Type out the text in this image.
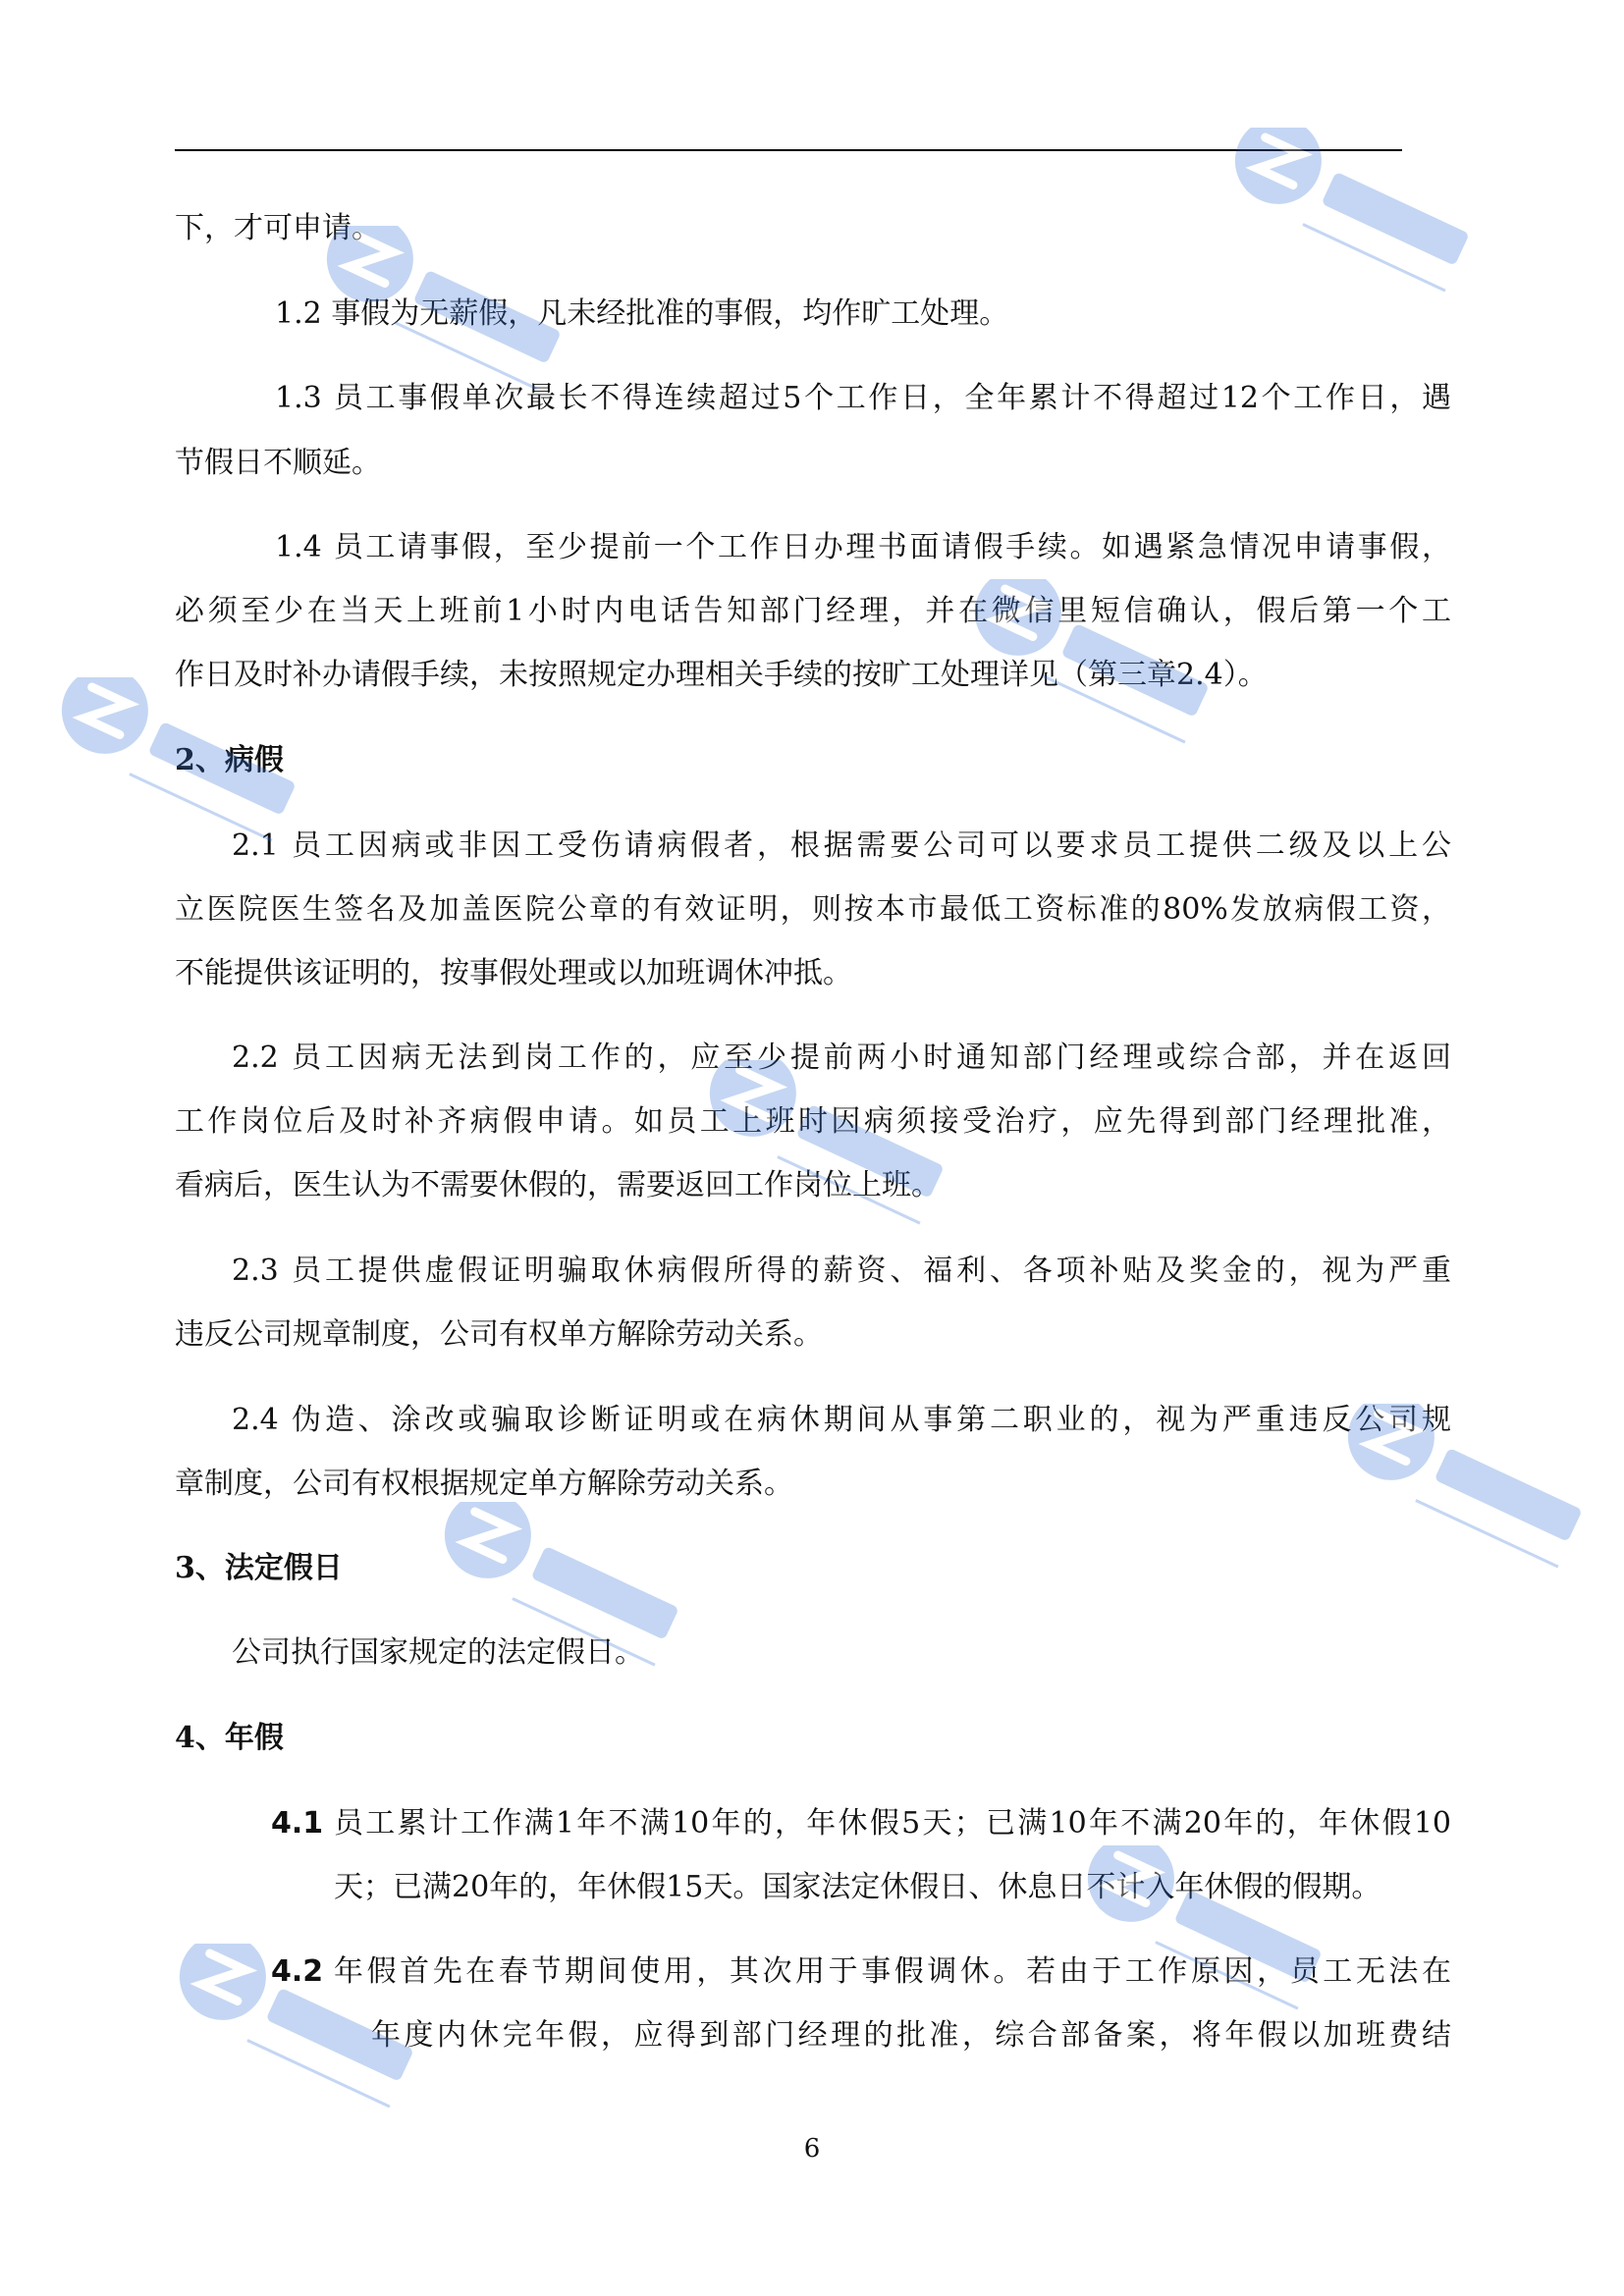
下，才可申请。
1.2 事假为无薪假，凡未经批准的事假，均作旷工处理。
1.3 员工事假单次最长不得连续超过5个工作日，全年累计不得超过12个工作日，遇
节假日不顺延。
1.4 员工请事假，至少提前一个工作日办理书面请假手续。如遇紧急情况申请事假，
必须至少在当天上班前1小时内电话告知部门经理，并在微信里短信确认，假后第一个工
作日及时补办请假手续，未按照规定办理相关手续的按旷工处理详见（第三章2.4）。
2、病假
2.1 员工因病或非因工受伤请病假者，根据需要公司可以要求员工提供二级及以上公
立医院医生签名及加盖医院公章的有效证明，则按本市最低工资标准的80%发放病假工资，
不能提供该证明的，按事假处理或以加班调休冲抵。
2.2 员工因病无法到岗工作的，应至少提前两小时通知部门经理或综合部，并在返回
工作岗位后及时补齐病假申请。如员工上班时因病须接受治疗，应先得到部门经理批准，
看病后，医生认为不需要休假的，需要返回工作岗位上班。
2.3 员工提供虚假证明骗取休病假所得的薪资、福利、各项补贴及奖金的，视为严重
违反公司规章制度，公司有权单方解除劳动关系。
2.4 伪造、涂改或骗取诊断证明或在病休期间从事第二职业的，视为严重违反公司规
章制度，公司有权根据规定单方解除劳动关系。
3、法定假日
公司执行国家规定的法定假日。
4、年假
4.1 员工累计工作满1年不满10年的，年休假5天；已满10年不满20年的，年休假10
天；已满20年的，年休假15天。国家法定休假日、休息日不计入年休假的假期。
4.2 年假首先在春节期间使用，其次用于事假调休。若由于工作原因，员工无法在
年度内休完年假，应得到部门经理的批准，综合部备案，将年假以加班费结
6
